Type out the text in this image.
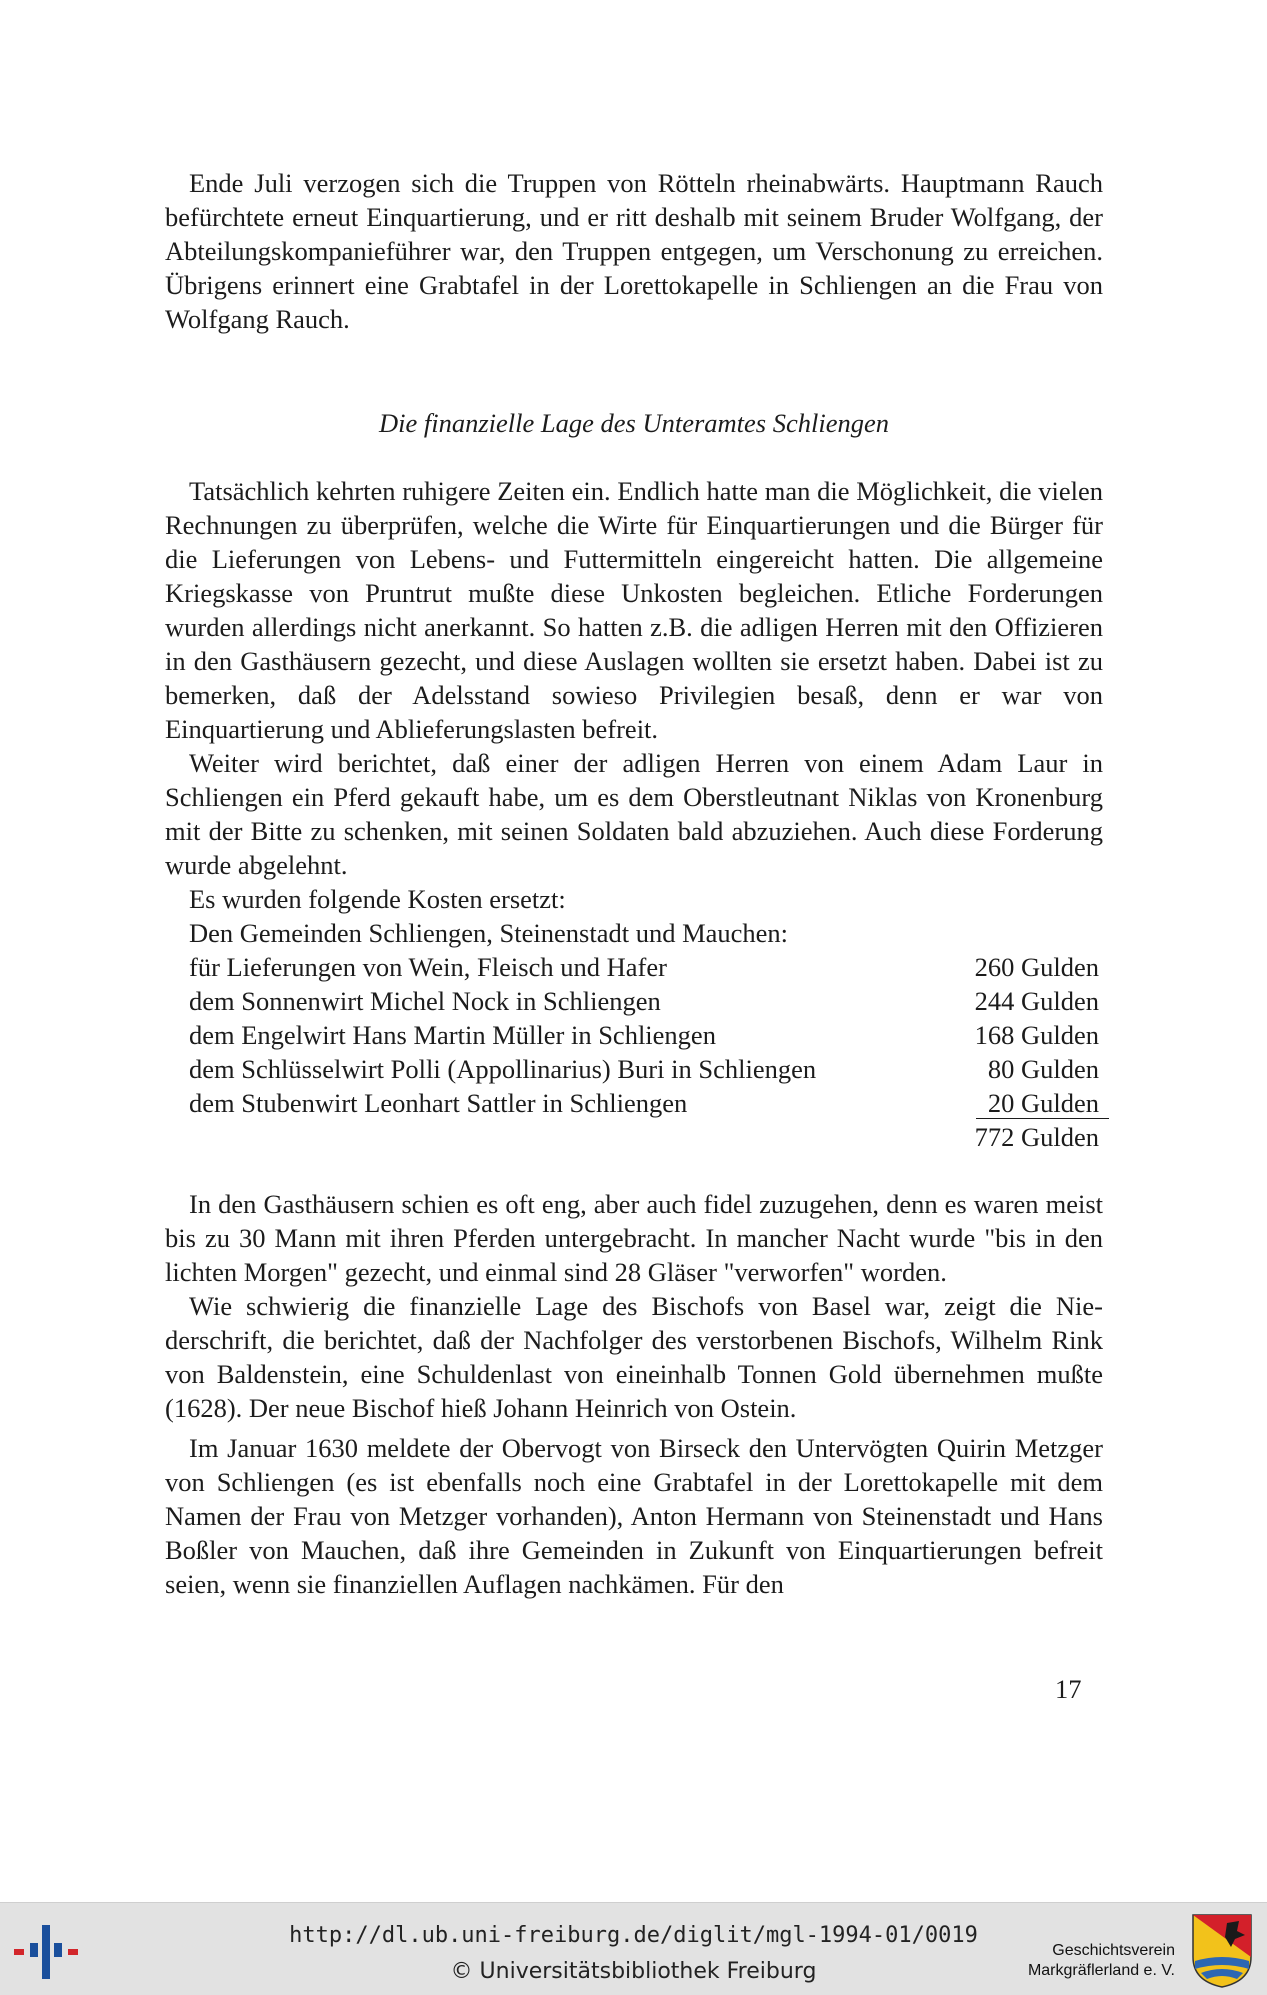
Ende Juli verzogen sich die Truppen von Rötteln rheinabwärts. Hauptmann Rauch befürchtete erneut Einquartierung, und er ritt deshalb mit seinem Bruder Wolfgang, der Abteilungskompanieführer war, den Truppen entgegen, um Verschonung zu erreichen. Übrigens erinnert eine Grabtafel in der Lorettokapelle in Schliengen an die Frau von Wolfgang Rauch.

Die finanzielle Lage des Unteramtes Schliengen

Tatsächlich kehrten ruhigere Zeiten ein. Endlich hatte man die Möglichkeit, die vielen Rechnungen zu überprüfen, welche die Wirte für Einquartierungen und die Bürger für die Lieferungen von Lebens- und Futtermitteln eingereicht hatten. Die allgemeine Kriegskasse von Pruntrut mußte diese Unkosten begleichen. Etliche Forderungen wurden allerdings nicht anerkannt. So hatten z.B. die adligen Herren mit den Offizieren in den Gasthäusern gezecht, und diese Auslagen wollten sie ersetzt haben. Dabei ist zu bemerken, daß der Adelsstand sowieso Privilegien besaß, denn er war von Einquartierung und Ablieferungslasten befreit.

Weiter wird berichtet, daß einer der adligen Herren von einem Adam Laur in Schliengen ein Pferd gekauft habe, um es dem Oberstleutnant Niklas von Kronenburg mit der Bitte zu schenken, mit seinen Soldaten bald abzuziehen. Auch diese Forderung wurde abgelehnt.

Es wurden folgende Kosten ersetzt:
Den Gemeinden Schliengen, Steinenstadt und Mauchen:
für Lieferungen von Wein, Fleisch und Hafer	260 Gulden
dem Sonnenwirt Michel Nock in Schliengen	244 Gulden
dem Engelwirt Hans Martin Müller in Schliengen	168 Gulden
dem Schlüsselwirt Polli (Appollinarius) Buri in Schliengen	80 Gulden
dem Stubenwirt Leonhart Sattler in Schliengen	20 Gulden
772 Gulden

In den Gasthäusern schien es oft eng, aber auch fidel zuzugehen, denn es waren meist bis zu 30 Mann mit ihren Pferden untergebracht. In mancher Nacht wurde "bis in den lichten Morgen" gezecht, und einmal sind 28 Gläser "verworfen" worden.

Wie schwierig die finanzielle Lage des Bischofs von Basel war, zeigt die Niederschrift, die berichtet, daß der Nachfolger des verstorbenen Bischofs, Wilhelm Rink von Baldenstein, eine Schuldenlast von eineinhalb Tonnen Gold übernehmen mußte (1628). Der neue Bischof hieß Johann Heinrich von Ostein.

Im Januar 1630 meldete der Obervogt von Birseck den Untervögten Quirin Metzger von Schliengen (es ist ebenfalls noch eine Grabtafel in der Lorettokapelle mit dem Namen der Frau von Metzger vorhanden), Anton Hermann von Steinenstadt und Hans Boßler von Mauchen, daß ihre Gemeinden in Zukunft von Einquartierungen befreit seien, wenn sie finanziellen Auflagen nachkämen. Für den

17
http://dl.ub.uni-freiburg.de/diglit/mgl-1994-01/0019
© Universitätsbibliothek Freiburg
Geschichtsverein
Markgräflerland e. V.
